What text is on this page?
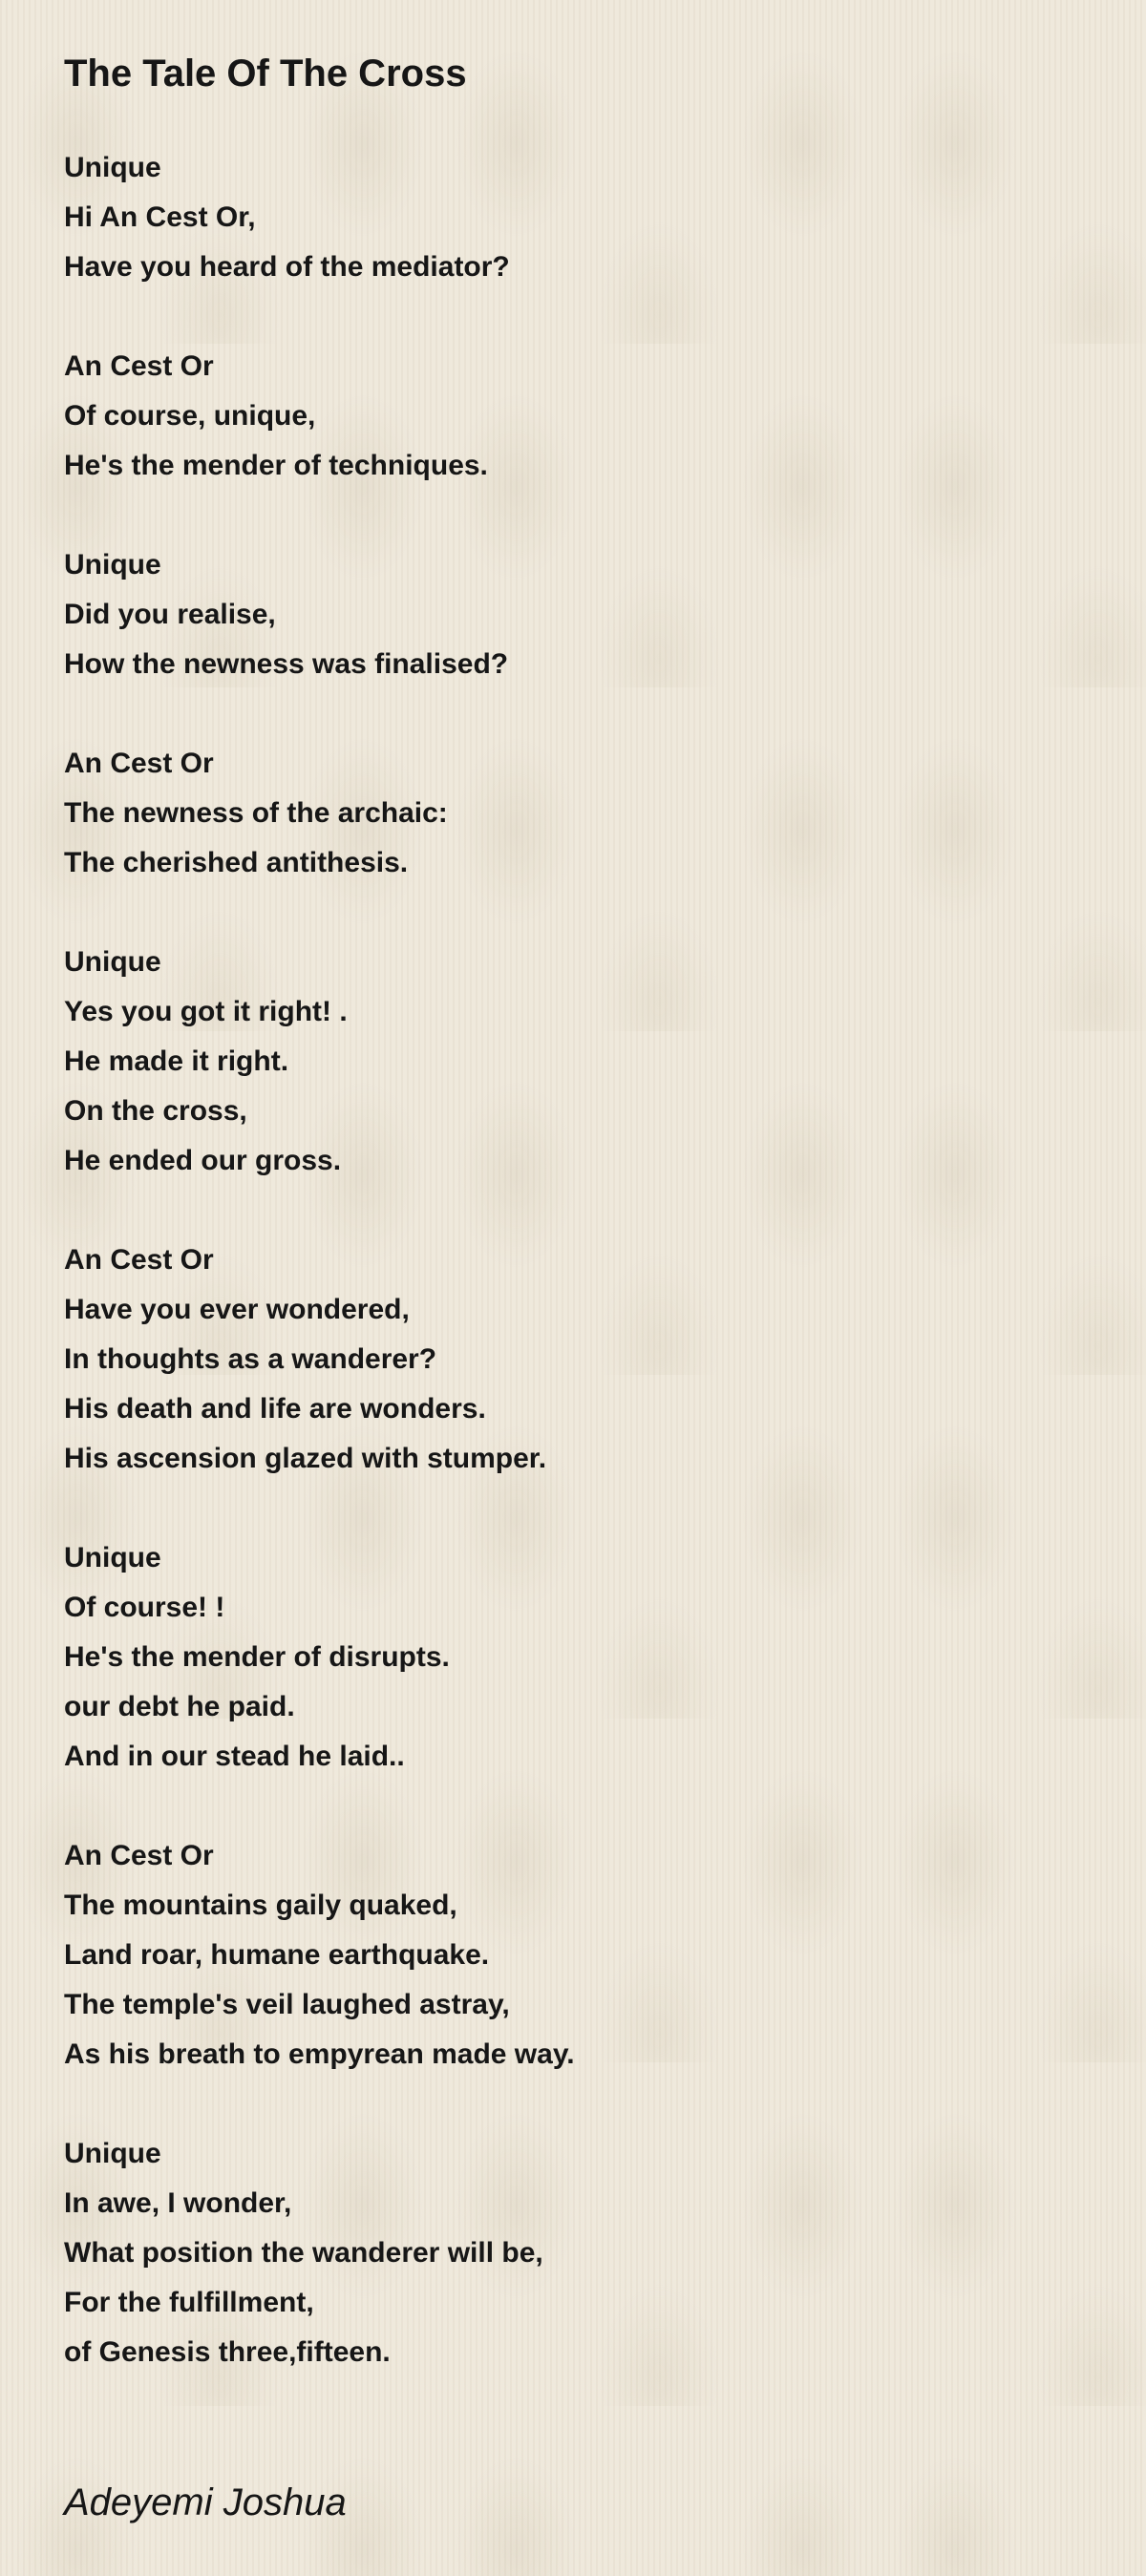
The Tale Of The Cross
Unique
Hi An Cest Or,
Have you heard of the mediator?
An Cest Or
Of course, unique,
He's the mender of techniques.
Unique
Did you realise,
How the newness was finalised?
An Cest Or
The newness of the archaic:
The cherished antithesis.
Unique
Yes you got it right! .
He made it right.
On the cross,
He ended our gross.
An Cest Or
Have you ever wondered,
In thoughts as a wanderer?
His death and life are wonders.
His ascension glazed with stumper.
Unique
Of course! !
He's the mender of disrupts.
our debt he paid.
And in our stead he laid..
An Cest Or
The mountains gaily quaked,
Land roar, humane earthquake.
The temple's veil laughed astray,
As his breath to empyrean made way.
Unique
In awe, I wonder,
What position the wanderer will be,
For the fulfillment,
of Genesis three,fifteen.
Adeyemi Joshua
